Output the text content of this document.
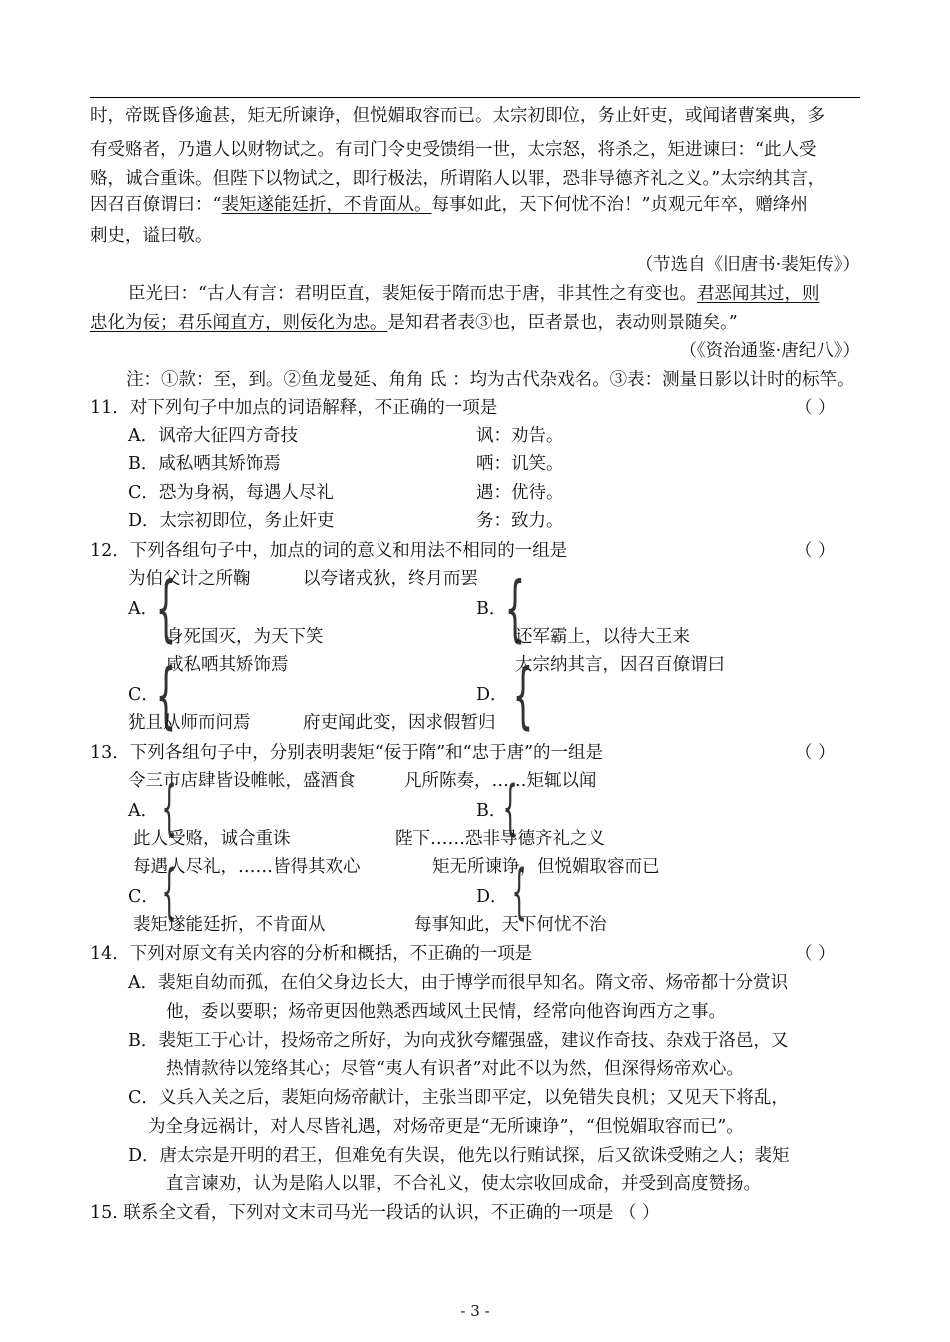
时，帝既昏侈逾甚，矩无所谏诤，但悦媚取容而已。太宗初即位，务止奸吏，或闻诸曹案典，多
有受赂者，乃遣人以财物试之。有司门令史受馈绢一世，太宗怒，将杀之，矩进谏曰：“此人受
赂，诚合重诛。但陛下以物试之，即行极法，所谓陷人以罪，恐非导德齐礼之义。”太宗纳其言，
因召百僚谓曰：“裴矩遂能廷折，不肯面从。每事如此，天下何忧不治！”贞观元年卒，赠绛州
刺史，谥曰敬。
（节选自《旧唐书·裴矩传》）
臣光曰：“古人有言：君明臣直，裴矩佞于隋而忠于唐，非其性之有变也。君恶闻其过，则
忠化为佞；君乐闻直方，则佞化为忠。是知君者表③也，臣者景也，表动则景随矣。”
（《资治通鉴·唐纪八》）
注：①款：至，到。②鱼龙曼延、角角 氐 ：均为古代杂戏名。③表：测量日影以计时的标竿。
11．对下列句子中加点的词语解释，不正确的一项是	（ ）
A．讽帝大征四方奇技	讽：劝告。
B．咸私哂其矫饰焉	哂：讥笑。
C．恐为身祸，每遇人尽礼	遇：优待。
D．太宗初即位，务止奸吏	务：致力。
12．下列各组句子中，加点的词的意义和用法不相同的一组是	（ ）
为伯父计之所鞠	以夸诸戎狄，终月而罢
A．	B．
{	{
身死国灭，为天下笑	还军霸上，以待大王来
咸私哂其矫饰焉	太宗纳其言，因召百僚谓曰
C．	D．
{	{
犹且从师而问焉	府吏闻此变，因求假暂归
13．下列各组句子中，分别表明裴矩“佞于隋”和“忠于唐”的一组是	（ ）
令三市店肆皆设帷帐，盛酒食	凡所陈奏，……矩辄以闻
A．	B．
{	{
此人受赂，诚合重诛	陛下……恐非导德齐礼之义
每遇人尽礼，……皆得其欢心	矩无所谏诤，但悦媚取容而已
C．	D．
{	{
裴矩遂能廷折，不肯面从	每事知此，天下何忧不治
14．下列对原文有关内容的分析和概括，不正确的一项是	（ ）
A．裴矩自幼而孤，在伯父身边长大，由于博学而很早知名。隋文帝、炀帝都十分赏识
他，委以要职；炀帝更因他熟悉西域风土民情，经常向他咨询西方之事。
B．裴矩工于心计，投炀帝之所好，为向戎狄夸耀强盛，建议作奇技、杂戏于洛邑，又
热情款待以笼络其心；尽管“夷人有识者”对此不以为然，但深得炀帝欢心。
C．义兵入关之后，裴矩向炀帝献计，主张当即平定，以免错失良机；又见天下将乱，
为全身远祸计，对人尽皆礼遇，对炀帝更是“无所谏诤”，“但悦媚取容而已”。
D．唐太宗是开明的君王，但难免有失误，他先以行贿试探，后又欲诛受贿之人；裴矩
直言谏劝，认为是陷人以罪，不合礼义，使太宗收回成命，并受到高度赞扬。
15. 联系全文看，下列对文末司马光一段话的认识，不正确的一项是 （ ）
- 3 -
